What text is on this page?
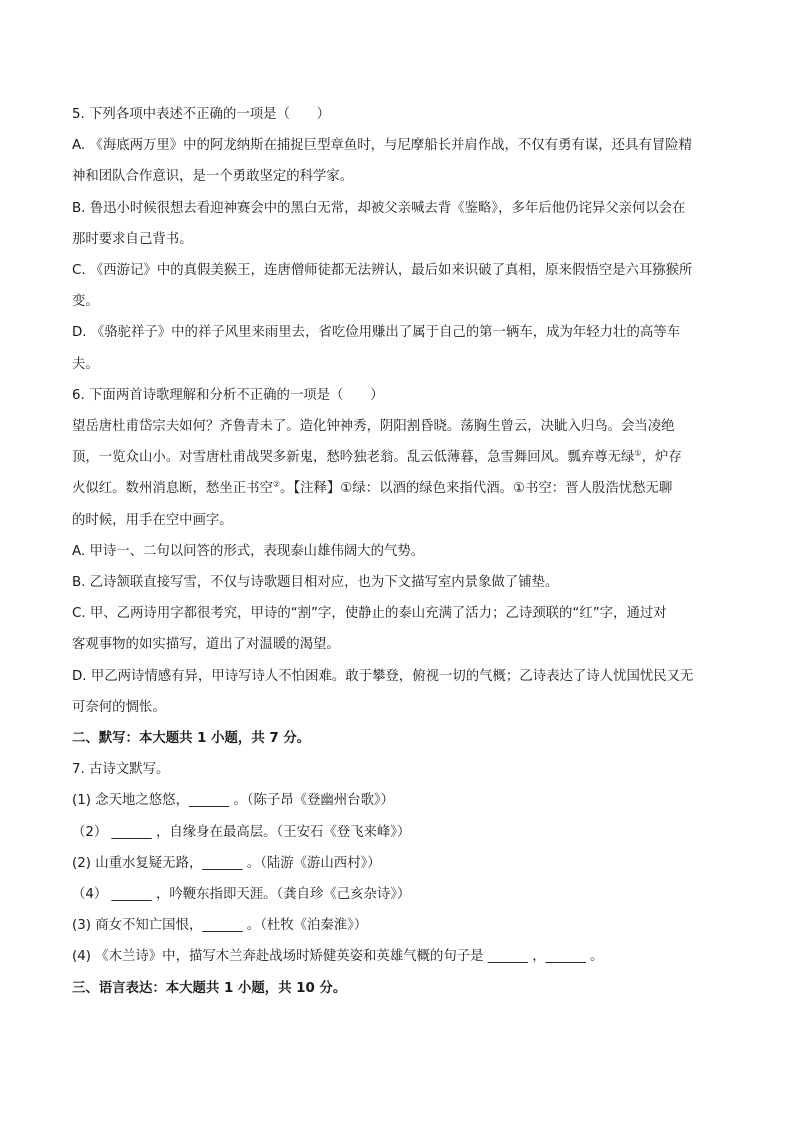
5. 下列各项中表述不正确的一项是（　　）
A. 《海底两万里》中的阿龙纳斯在捕捉巨型章鱼时，与尼摩船长并肩作战，不仅有勇有谋，还具有冒险精
神和团队合作意识，是一个勇敢坚定的科学家。
B. 鲁迅小时候很想去看迎神赛会中的黑白无常，却被父亲喊去背《鉴略》，多年后他仍诧异父亲何以会在
那时要求自己背书。
C. 《西游记》中的真假美猴王，连唐僧师徒都无法辨认，最后如来识破了真相，原来假悟空是六耳猕猴所
变。
D. 《骆驼祥子》中的祥子风里来雨里去，省吃俭用赚出了属于自己的第一辆车，成为年轻力壮的高等车
夫。
6. 下面两首诗歌理解和分析不正确的一项是（　　）
望岳唐杜甫岱宗夫如何？齐鲁青未了。造化钟神秀，阴阳割昏晓。荡胸生曾云，决眦入归鸟。会当凌绝
顶，一览众山小。对雪唐杜甫战哭多新鬼，愁吟独老翁。乱云低薄暮，急雪舞回风。瓢弃尊无绿①，炉存
火似红。数州消息断，愁坐正书空②。【注释】①绿：以酒的绿色来指代酒。①书空：晋人殷浩忧愁无聊
的时候，用手在空中画字。
A. 甲诗一、二句以问答的形式，表现泰山雄伟阔大的气势。
B. 乙诗颔联直接写雪，不仅与诗歌题目相对应，也为下文描写室内景象做了铺垫。
C. 甲、乙两诗用字都很考究，甲诗的“割”字，使静止的泰山充满了活力；乙诗颈联的“红”字，通过对
客观事物的如实描写，道出了对温暖的渴望。
D. 甲乙两诗情感有异，甲诗写诗人不怕困难。敢于攀登，俯视一切的气概；乙诗表达了诗人忧国忧民又无
可奈何的惆怅。
二、默写：本大题共 1 小题，共 7 分。
7. 古诗文默写。
(1) 念天地之悠悠，______ 。（陈子昂《登幽州台歌》）
（2） ______ ，自缘身在最高层。（王安石《登飞来峰》）
(2) 山重水复疑无路，______ 。（陆游《游山西村》）
（4） ______ ，吟鞭东指即天涯。（龚自珍《己亥杂诗》）
(3) 商女不知亡国恨，______ 。（杜牧《泊秦淮》）
(4) 《木兰诗》中，描写木兰奔赴战场时矫健英姿和英雄气概的句子是 ______ ，______ 。
三、语言表达：本大题共 1 小题，共 10 分。
